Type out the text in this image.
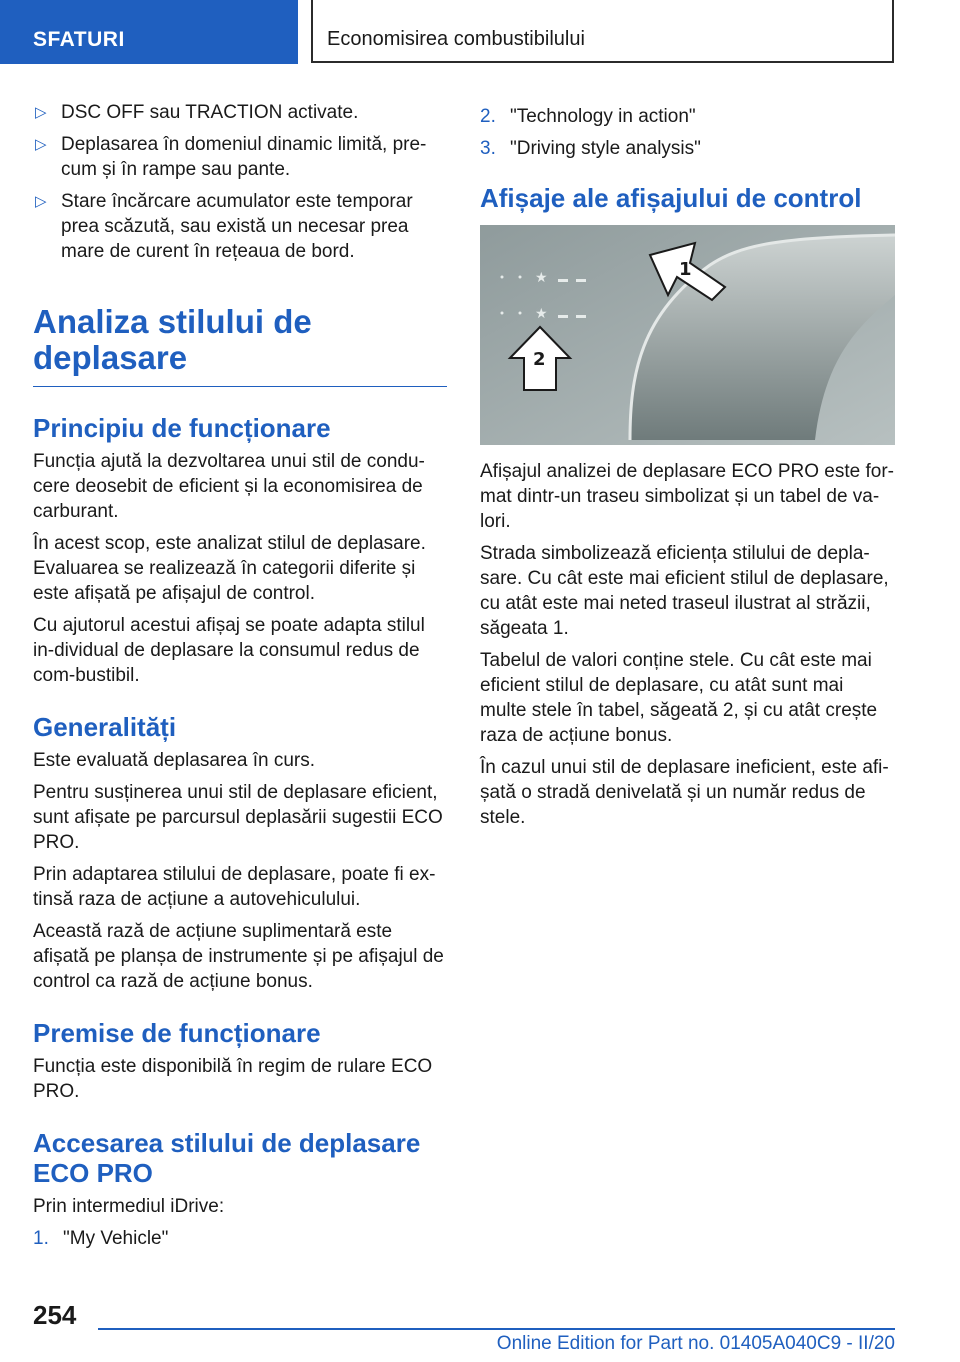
SFATURI	Economisirea combustibilului
▷ DSC OFF sau TRACTION activate.
▷ Deplasarea în domeniul dinamic limită, pre-cum și în rampe sau pante.
▷ Stare încărcare acumulator este temporar prea scăzută, sau există un necesar prea mare de curent în rețeaua de bord.
Analiza stilului de deplasare
Principiu de funcționare

Funcția ajută la dezvoltarea unui stil de condu-cere deosebit de eficient și la economisirea de carburant.

În acest scop, este analizat stilul de deplasare. Evaluarea se realizează în categorii diferite și este afișată pe afișajul de control.

Cu ajutorul acestui afișaj se poate adapta stilul in-dividual de deplasare la consumul redus de com-bustibil.

Generalități

Este evaluată deplasarea în curs.

Pentru susținerea unui stil de deplasare eficient, sunt afișate pe parcursul deplasării sugestii ECO PRO.

Prin adaptarea stilului de deplasare, poate fi ex-tinsă raza de acțiune a autovehiculului.

Această rază de acțiune suplimentară este afișată pe planșa de instrumente și pe afișajul de control ca rază de acțiune bonus.

Premise de funcționare

Funcția este disponibilă în regim de rulare ECO PRO.

Accesarea stilului de deplasare ECO PRO

Prin intermediul iDrive:

1. "My Vehicle"
2. "Technology in action"
3. "Driving style analysis"
Afișaje ale afișajului de control
★
★
1
2

Afișajul analizei de deplasare ECO PRO este for-mat dintr-un traseu simbolizat și un tabel de va-lori.

Strada simbolizează eficiența stilului de depla-sare. Cu cât este mai eficient stilul de deplasare, cu atât este mai neted traseul ilustrat al străzii, săgeata 1.

Tabelul de valori conține stele. Cu cât este mai eficient stilul de deplasare, cu atât sunt mai multe stele în tabel, săgeată 2, și cu atât crește raza de acțiune bonus.

În cazul unui stil de deplasare ineficient, este afi-șată o stradă denivelată și un număr redus de stele.

254
Online Edition for Part no. 01405A040C9 - II/20
